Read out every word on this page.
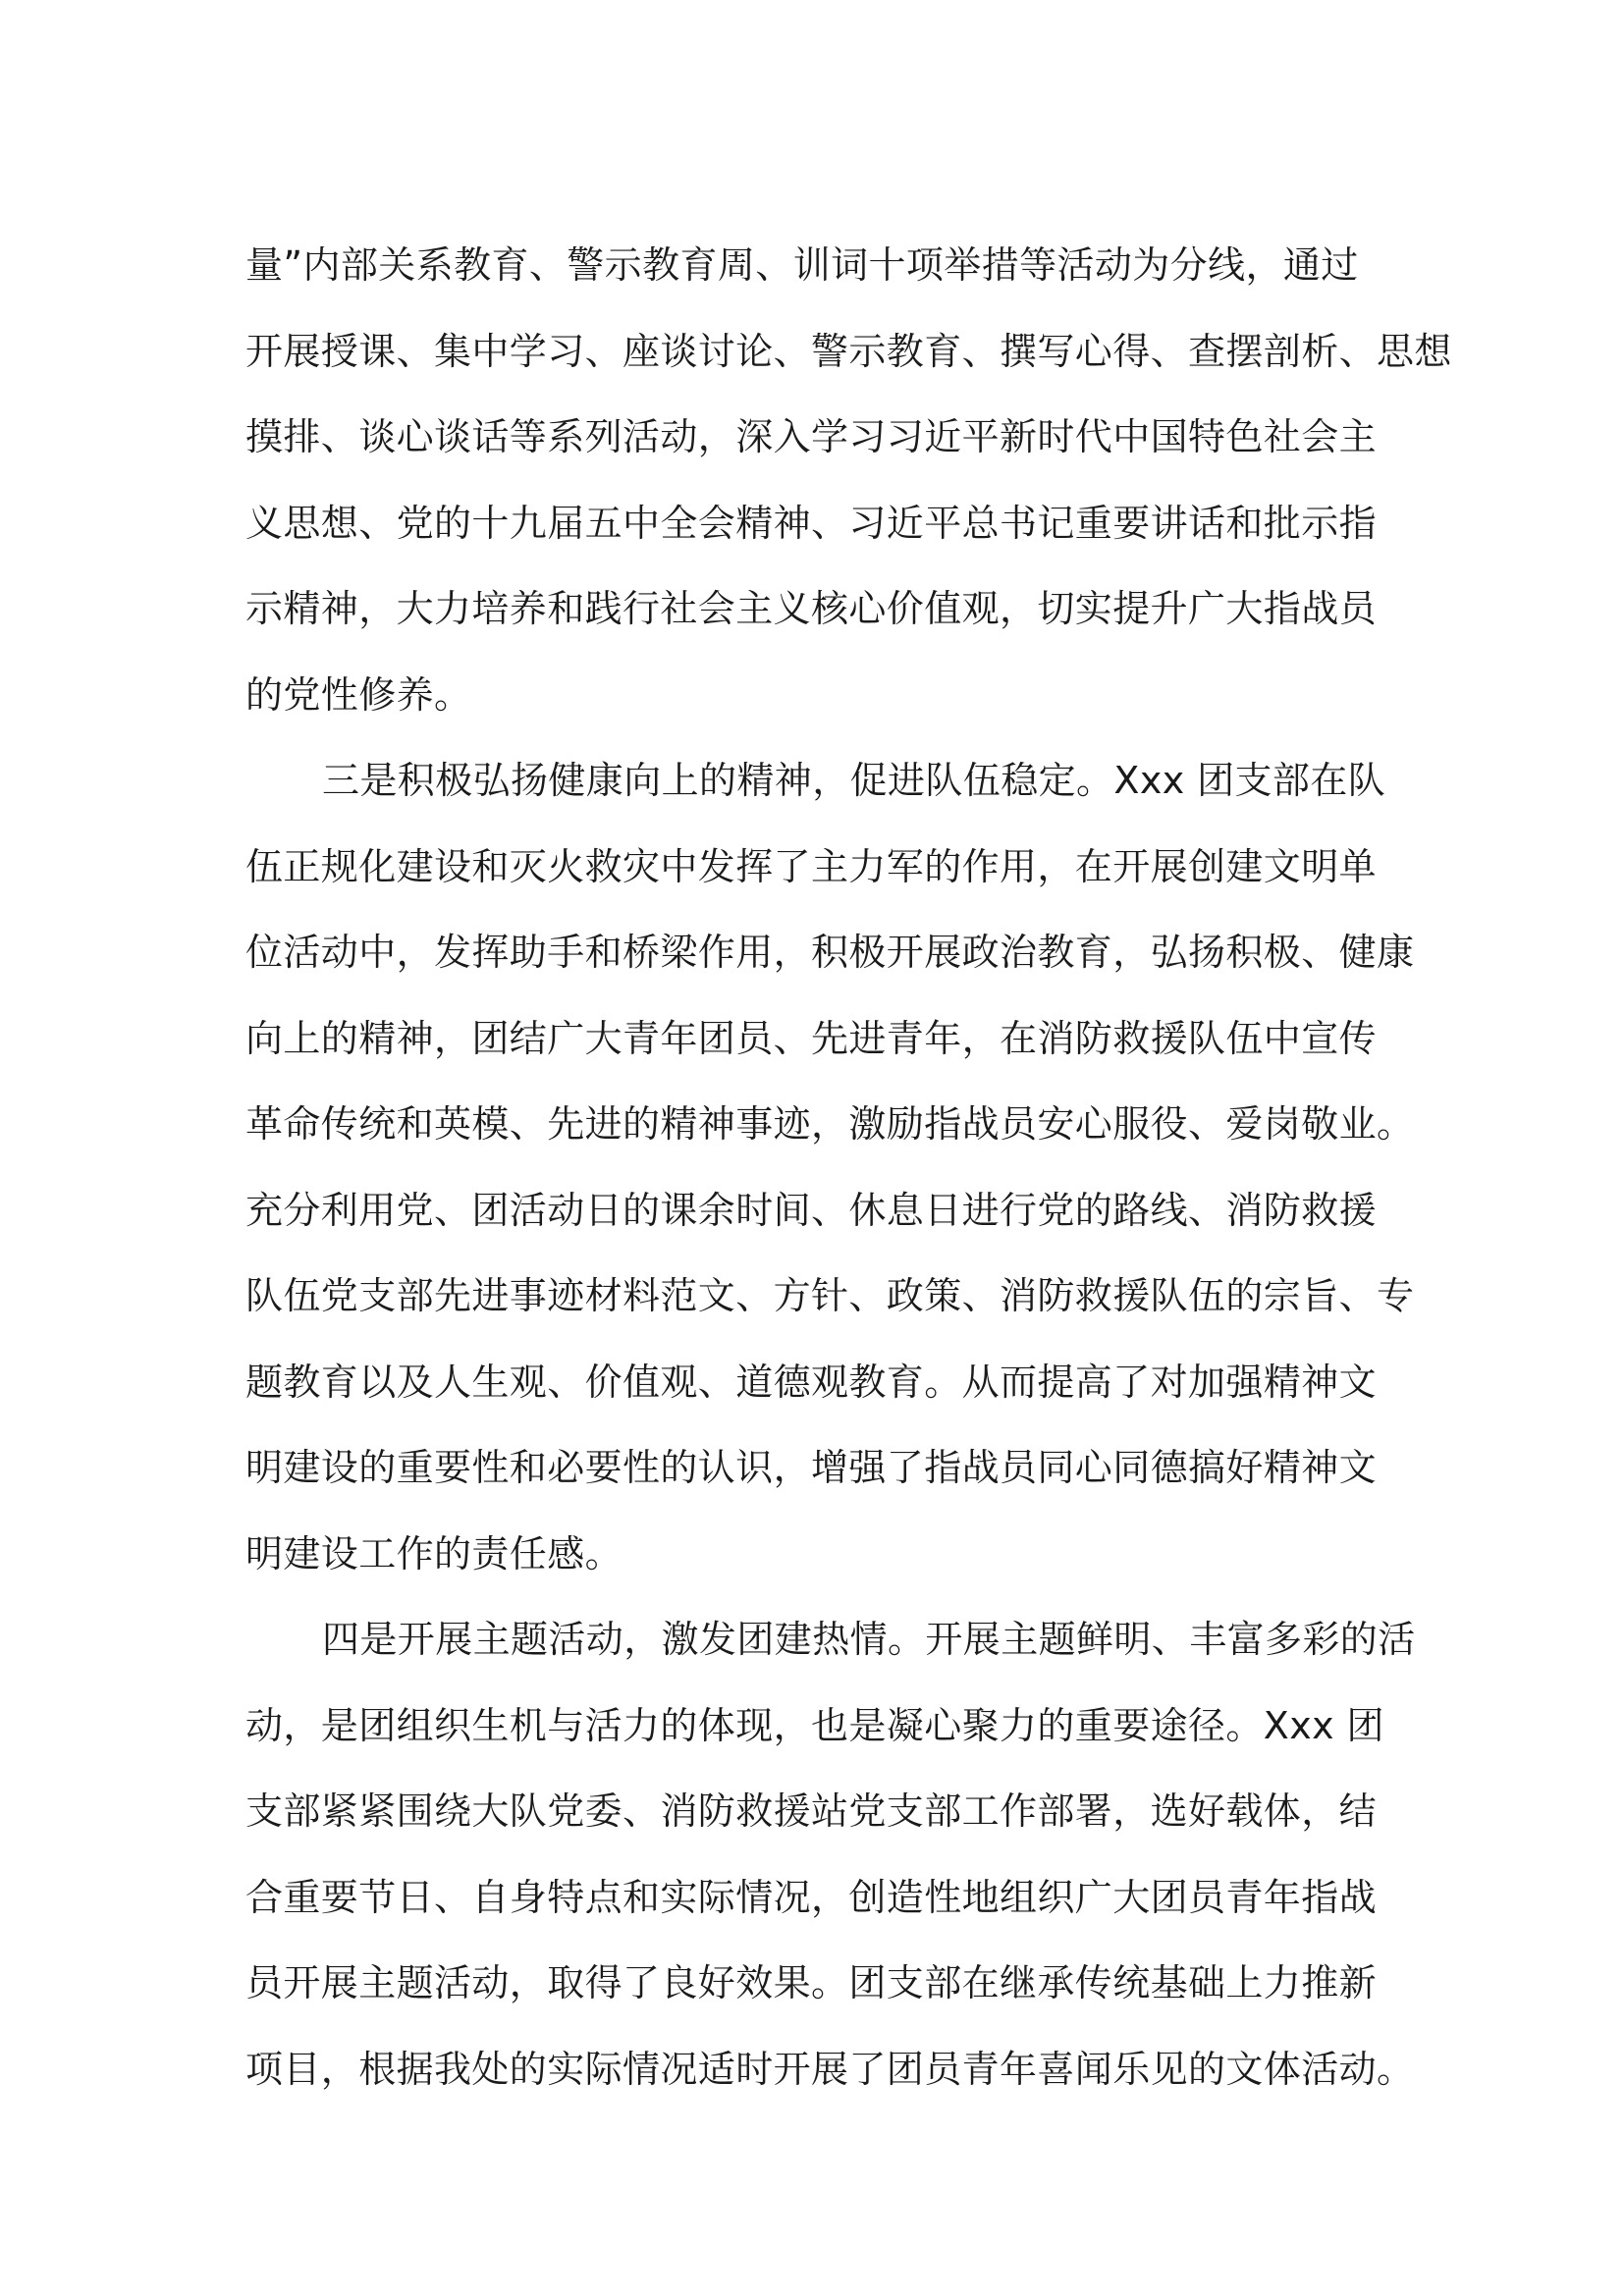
量”内部关系教育、警示教育周、训词十项举措等活动为分线，通过
开展授课、集中学习、座谈讨论、警示教育、撰写心得、查摆剖析、思想
摸排、谈心谈话等系列活动，深入学习习近平新时代中国特色社会主
义思想、党的十九届五中全会精神、习近平总书记重要讲话和批示指
示精神，大力培养和践行社会主义核心价值观，切实提升广大指战员
的党性修养。
三是积极弘扬健康向上的精神，促进队伍稳定。Xxx 团支部在队
伍正规化建设和灭火救灾中发挥了主力军的作用，在开展创建文明单
位活动中，发挥助手和桥梁作用，积极开展政治教育，弘扬积极、健康
向上的精神，团结广大青年团员、先进青年，在消防救援队伍中宣传
革命传统和英模、先进的精神事迹，激励指战员安心服役、爱岗敬业。
充分利用党、团活动日的课余时间、休息日进行党的路线、消防救援
队伍党支部先进事迹材料范文、方针、政策、消防救援队伍的宗旨、专
题教育以及人生观、价值观、道德观教育。从而提高了对加强精神文
明建设的重要性和必要性的认识，增强了指战员同心同德搞好精神文
明建设工作的责任感。
四是开展主题活动，激发团建热情。开展主题鲜明、丰富多彩的活
动，是团组织生机与活力的体现，也是凝心聚力的重要途径。Xxx 团
支部紧紧围绕大队党委、消防救援站党支部工作部署，选好载体，结
合重要节日、自身特点和实际情况，创造性地组织广大团员青年指战
员开展主题活动，取得了良好效果。团支部在继承传统基础上力推新
项目，根据我处的实际情况适时开展了团员青年喜闻乐见的文体活动。
